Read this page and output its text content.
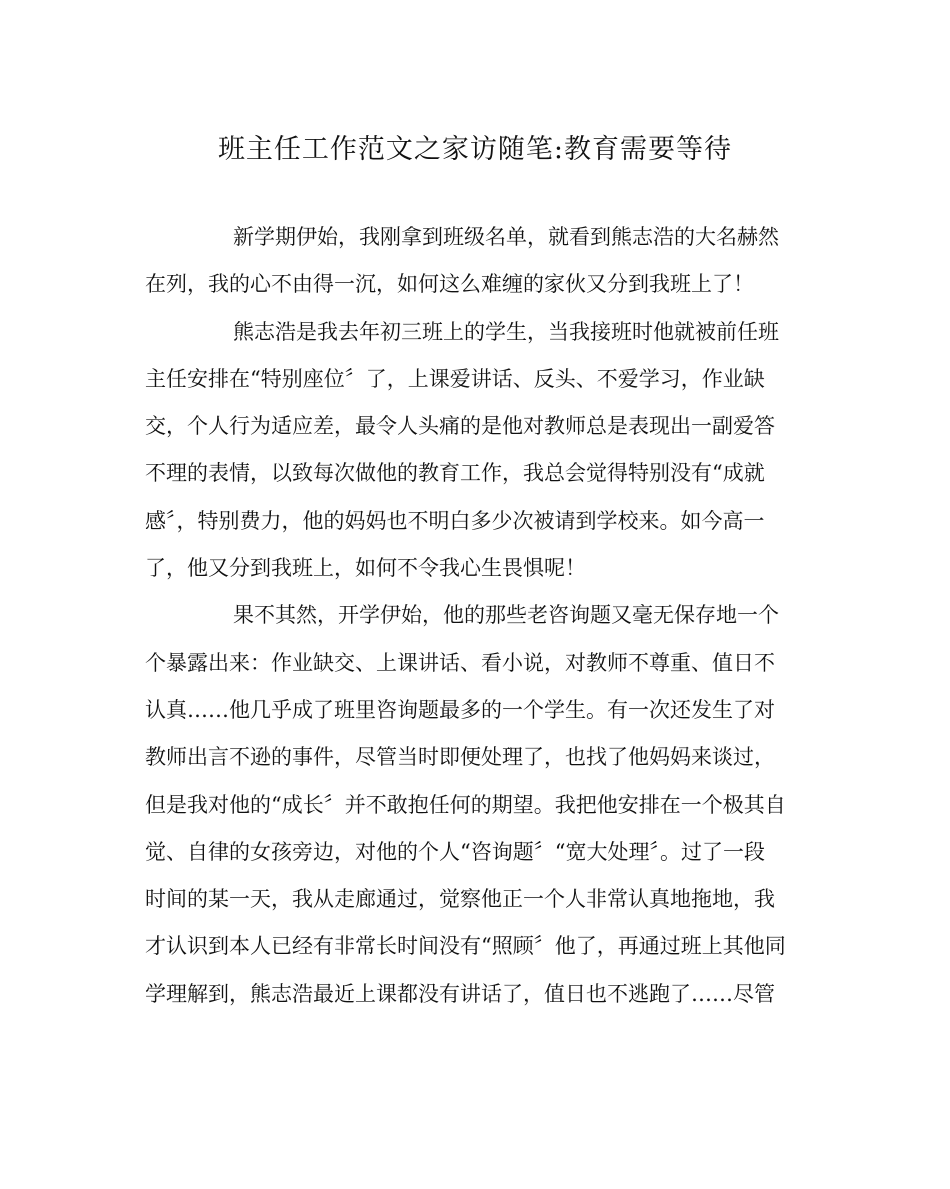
班主任工作范文之家访随笔:教育需要等待
新学期伊始，我刚拿到班级名单，就看到熊志浩的大名赫然
在列，我的心不由得一沉，如何这么难缠的家伙又分到我班上了！
熊志浩是我去年初三班上的学生，当我接班时他就被前任班
主任安排在“特别座位〞了，上课爱讲话、反头、不爱学习，作业缺
交，个人行为适应差，最令人头痛的是他对教师总是表现出一副爱答
不理的表情，以致每次做他的教育工作，我总会觉得特别没有“成就
感〞，特别费力，他的妈妈也不明白多少次被请到学校来。如今高一
了，他又分到我班上，如何不令我心生畏惧呢！
果不其然，开学伊始，他的那些老咨询题又毫无保存地一个
个暴露出来：作业缺交、上课讲话、看小说，对教师不尊重、值日不
认真……他几乎成了班里咨询题最多的一个学生。有一次还发生了对
教师出言不逊的事件，尽管当时即便处理了，也找了他妈妈来谈过，
但是我对他的“成长〞并不敢抱任何的期望。我把他安排在一个极其自
觉、自律的女孩旁边，对他的个人“咨询题〞“宽大处理〞。过了一段
时间的某一天，我从走廊通过，觉察他正一个人非常认真地拖地，我
才认识到本人已经有非常长时间没有“照顾〞他了，再通过班上其他同
学理解到，熊志浩最近上课都没有讲话了，值日也不逃跑了……尽管
